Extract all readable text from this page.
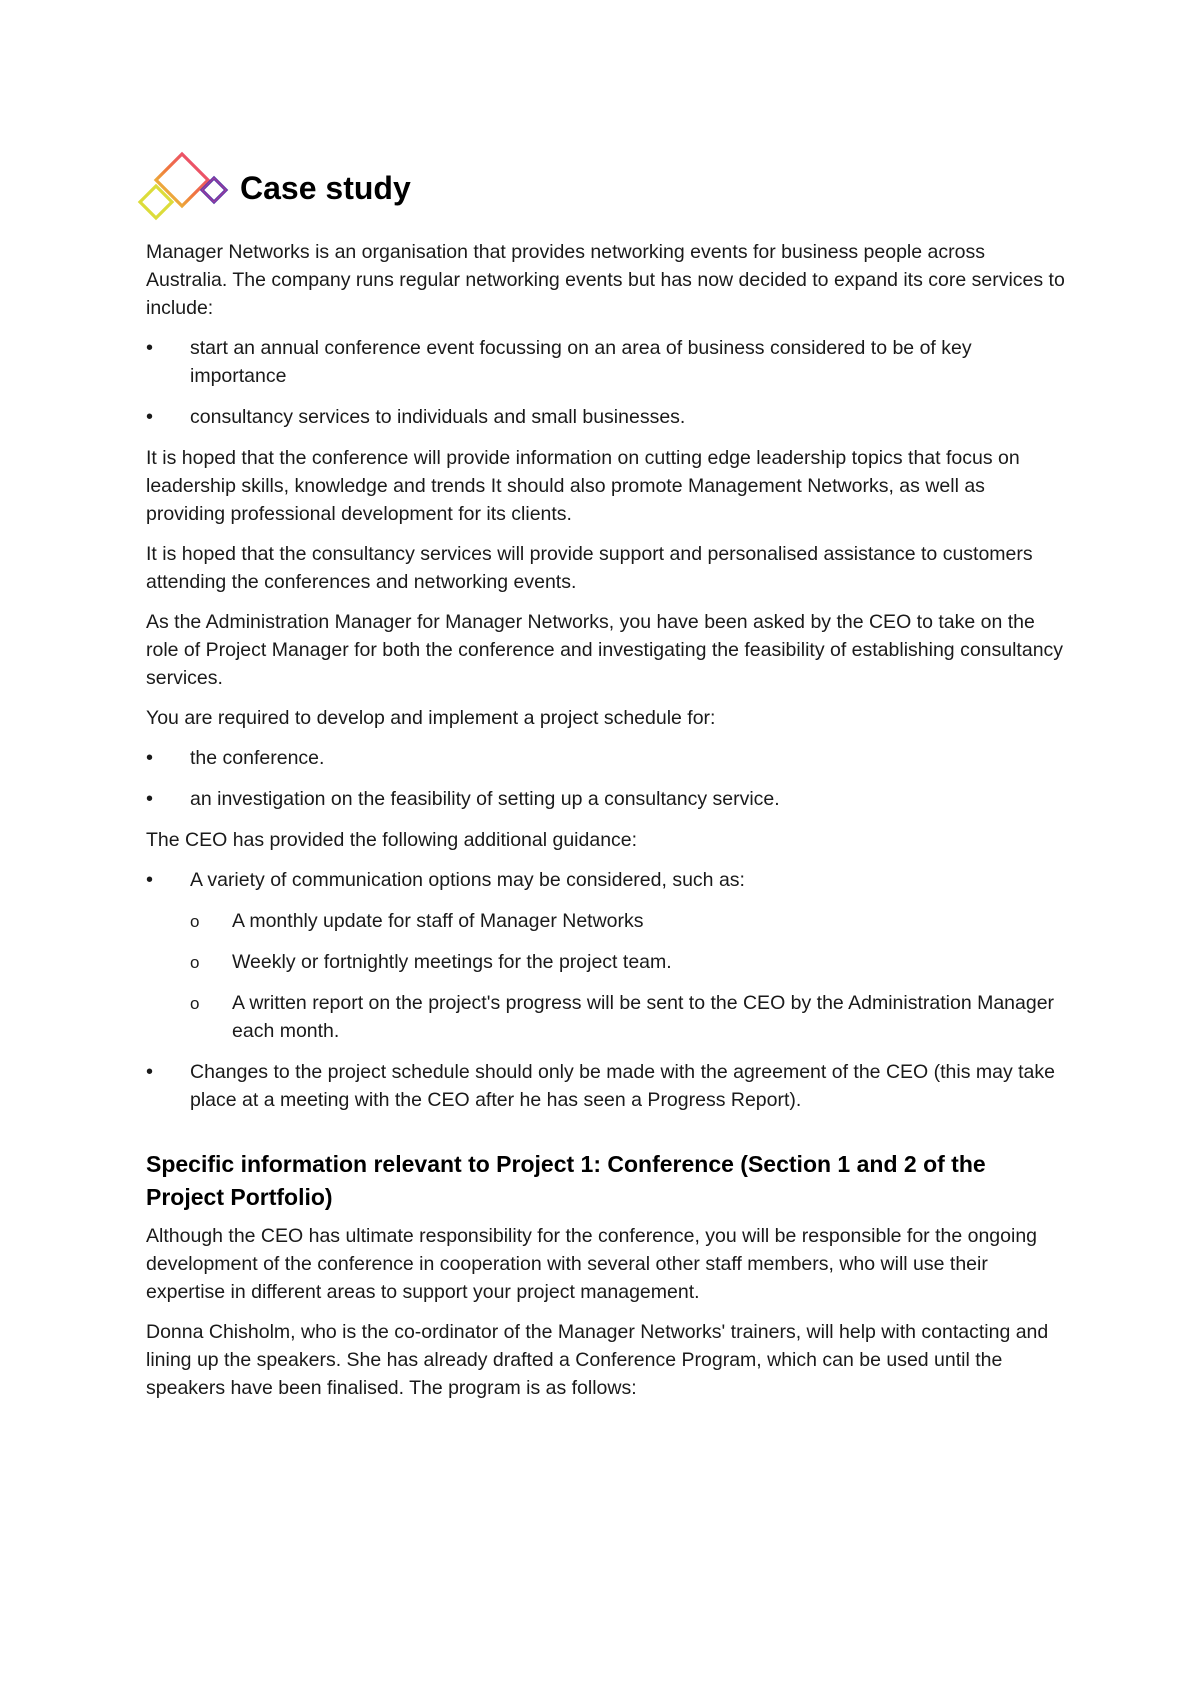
Case study

Manager Networks is an organisation that provides networking events for business people across Australia. The company runs regular networking events but has now decided to expand its core services to include:

•	start an annual conference event focussing on an area of business considered to be of key importance
•	consultancy services to individuals and small businesses.

It is hoped that the conference will provide information on cutting edge leadership topics that focus on leadership skills, knowledge and trends It should also promote Management Networks, as well as providing professional development for its clients.

It is hoped that the consultancy services will provide support and personalised assistance to customers attending the conferences and networking events.

As the Administration Manager for Manager Networks, you have been asked by the CEO to take on the role of Project Manager for both the conference and investigating the feasibility of establishing consultancy services.

You are required to develop and implement a project schedule for:

•	the conference.
•	an investigation on the feasibility of setting up a consultancy service.

The CEO has provided the following additional guidance:

•	A variety of communication options may be considered, such as:
o A monthly update for staff of Manager Networks
o Weekly or fortnightly meetings for the project team.
o A written report on the project's progress will be sent to the CEO by the Administration Manager each month.
•	Changes to the project schedule should only be made with the agreement of the CEO (this may take place at a meeting with the CEO after he has seen a Progress Report).
Specific information relevant to Project 1: Conference (Section 1 and 2 of the Project Portfolio)

Although the CEO has ultimate responsibility for the conference, you will be responsible for the ongoing development of the conference in cooperation with several other staff members, who will use their expertise in different areas to support your project management.

Donna Chisholm, who is the co-ordinator of the Manager Networks' trainers, will help with contacting and lining up the speakers. She has already drafted a Conference Program, which can be used until the speakers have been finalised. The program is as follows:
